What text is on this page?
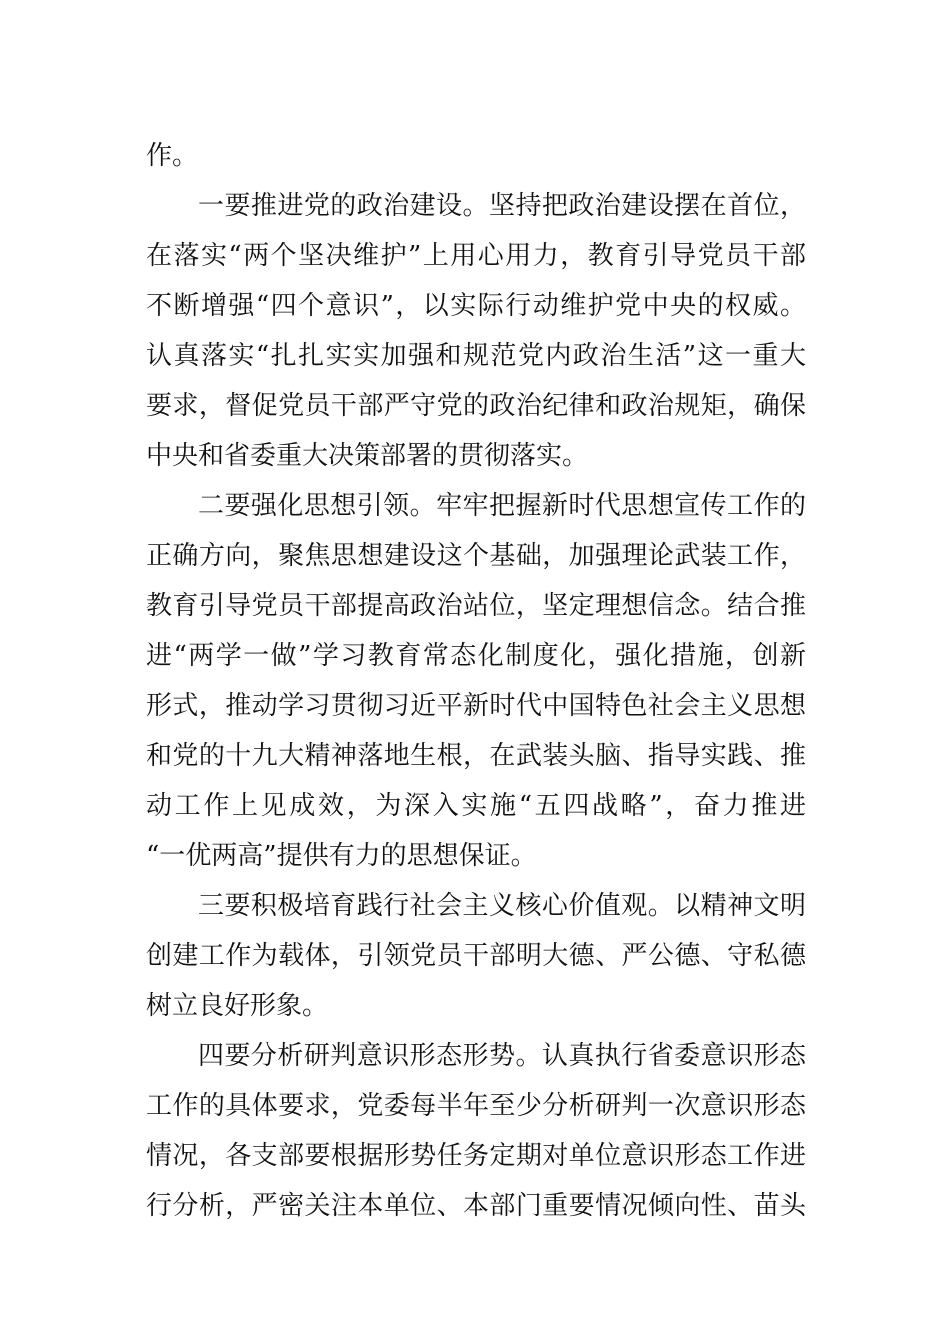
作。
一要推进党的政治建设。坚持把政治建设摆在首位，
在落实“两个坚决维护”上用心用力，教育引导党员干部
不断增强“四个意识”，以实际行动维护党中央的权威。
认真落实“扎扎实实加强和规范党内政治生活”这一重大
要求，督促党员干部严守党的政治纪律和政治规矩，确保
中央和省委重大决策部署的贯彻落实。
二要强化思想引领。牢牢把握新时代思想宣传工作的
正确方向，聚焦思想建设这个基础，加强理论武装工作，
教育引导党员干部提高政治站位，坚定理想信念。结合推
进“两学一做”学习教育常态化制度化，强化措施，创新
形式，推动学习贯彻习近平新时代中国特色社会主义思想
和党的十九大精神落地生根，在武装头脑、指导实践、推
动工作上见成效，为深入实施“五四战略”，奋力推进
“一优两高”提供有力的思想保证。
三要积极培育践行社会主义核心价值观。以精神文明
创建工作为载体，引领党员干部明大德、严公德、守私德
树立良好形象。
四要分析研判意识形态形势。认真执行省委意识形态
工作的具体要求，党委每半年至少分析研判一次意识形态
情况，各支部要根据形势任务定期对单位意识形态工作进
行分析，严密关注本单位、本部门重要情况倾向性、苗头
